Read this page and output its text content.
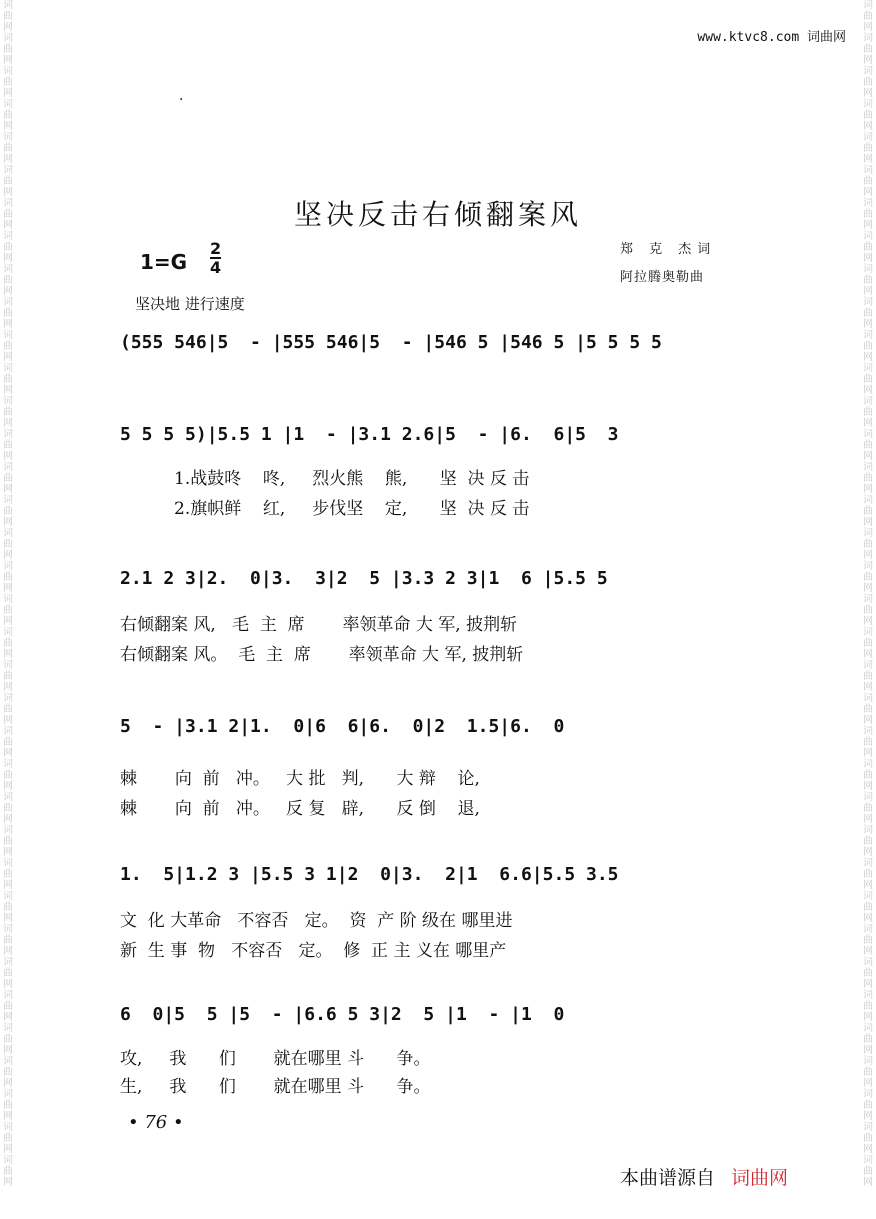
词曲网词曲网词曲网词曲网词曲网词曲网词曲网词曲网词曲网词曲网词曲网词曲网词曲网词曲网词曲网词曲网词曲网词曲网词曲网词曲网词曲网词曲网词曲网词曲网词曲网词曲网词曲网词曲网词曲网词曲网词曲网词曲网词曲网词曲网词曲网词曲网
词曲网词曲网词曲网词曲网词曲网词曲网词曲网词曲网词曲网词曲网词曲网词曲网词曲网词曲网词曲网词曲网词曲网词曲网词曲网词曲网词曲网词曲网词曲网词曲网词曲网词曲网词曲网词曲网词曲网词曲网词曲网词曲网词曲网词曲网词曲网词曲网
www.ktvc8.com 词曲网
·
坚决反击右倾翻案风
$1=G \frac{2}{4}$	郑 克 杰词
阿拉腾奥勒曲
坚决地 进行速度
(555 546|5  - |555 546|5  - |546 5 |546 5 |5 5 5 5
5 5 5 5)|5.5 1 |1  - |3.1 2.6|5  - |6.  6|5  3
1.战鼓咚    咚,     烈火熊    熊,      坚  决 反 击
2.旗帜鲜    红,     步伐坚    定,      坚  决 反 击
2.1 2 3|2.  0|3.  3|2  5 |3.3 2 3|1  6 |5.5 5
右倾翻案 风,   毛  主  席       率领革命 大 军, 披荆斩
右倾翻案 风。  毛  主  席       率领革命 大 军, 披荆斩
5  - |3.1 2|1.  0|6  6|6.  0|2  1.5|6.  0
棘       向  前   冲。   大 批   判,      大 辩    论,
棘       向  前   冲。   反 复   辟,      反 倒    退,
1.  5|1.2 3 |5.5 3 1|2  0|3.  2|1  6.6|5.5 3.5
文  化 大革命   不容否   定。  资  产 阶 级在 哪里进
新  生 事  物   不容否   定。  修  正 主 义在 哪里产
6  0|5  5 |5  - |6.6 5 3|2  5 |1  - |1  0
攻,     我      们       就在哪里 斗      争。
生,     我      们       就在哪里 斗      争。
• 76 •
本曲谱源自 词曲网
